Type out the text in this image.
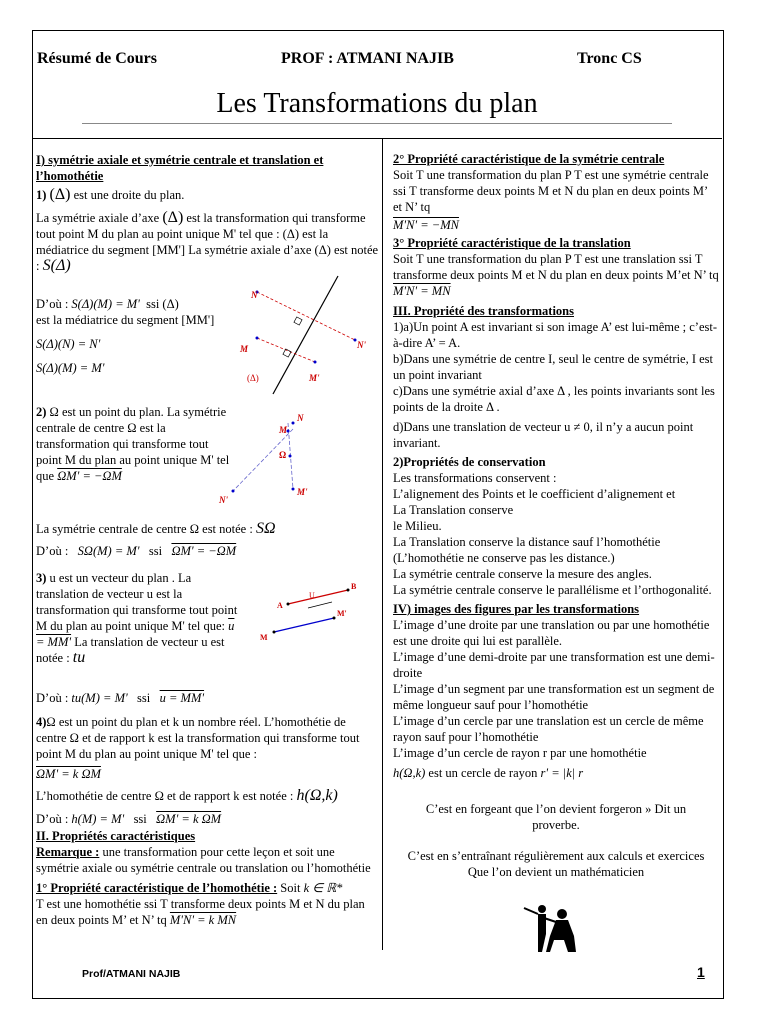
Résumé de Cours	PROF : ATMANI NAJIB	Tronc CS
Les Transformations du plan

I) symétrie axiale et symétrie centrale et translation et l’homothétie

1) (Δ) est une droite du plan.

La symétrie axiale d’axe (Δ) est la transformation qui transforme tout point M du plan au point unique M' tel que : (Δ) est la médiatrice du segment [MM'] La symétrie axiale d’axe (Δ) est notée : S(Δ)

D’où : S(Δ)(M) = M' ssi (Δ)

est la médiatrice du segment [MM']

S(Δ)(N) = N'

S(Δ)(M) = M'

2) Ω est un point du plan. La symétrie centrale de centre Ω est la transformation qui transforme tout point M du plan au point unique M' tel que ΩM' = −ΩM

La symétrie centrale de centre Ω est notée : SΩ

D’où : SΩ(M) = M' ssi ΩM' = −ΩM

3) u est un vecteur du plan . La translation de vecteur u est la transformation qui transforme tout point M du plan au point unique M' tel que: u = MM' La translation de vecteur u est notée : tu

D’où : tu(M) = M' ssi u = MM'

4)Ω est un point du plan et k un nombre réel. L’homothétie de centre Ω et de rapport k est la transformation qui transforme tout point M du plan au point unique M' tel que :

ΩM' = k ΩM

L’homothétie de centre Ω et de rapport k est notée : h(Ω,k)

D’où : h(M) = M' ssi ΩM' = k ΩM

II. Propriétés caractéristiques

Remarque : une transformation pour cette leçon et soit une symétrie axiale ou symétrie centrale ou translation ou l’homothétie

1° Propriété caractéristique de l’homothétie : Soit k ∈ ℝ*

T est une homothétie ssi T transforme deux points M et N du plan en deux points M’ et N’ tq M'N' = k MN

N
N'
M
M'
(Δ)
N
M
Ω
N'
M'
A
B
M
M'
U

2° Propriété caractéristique de la symétrie centrale

Soit T une transformation du plan P T est une symétrie centrale ssi T transforme deux points M et N du plan en deux points M’ et N’ tq

M'N' = −MN

3° Propriété caractéristique de la translation

Soit T une transformation du plan P T est une translation ssi T transforme deux points M et N du plan en deux points M’et N’ tq M'N' = MN

III. Propriété des transformations

1)a)Un point A est invariant si son image A’ est lui-même ; c’est-à-dire A’ = A.

b)Dans une symétrie de centre I, seul le centre de symétrie, I est un point invariant

c)Dans une symétrie axial d’axe Δ , les points invariants sont les points de la droite Δ .

d)Dans une translation de vecteur u ≠ 0, il n’y a aucun point invariant.

2)Propriétés de conservation

Les transformations conservent :

L’alignement des Points et le coefficient d’alignement et

La Translation conserve

le Milieu.

La Translation conserve la distance sauf l’homothétie

(L’homothétie ne conserve pas les distance.)

La symétrie centrale conserve la mesure des angles.

La symétrie centrale conserve le parallélisme et l’orthogonalité.

IV) images des figures par les transformations

L’image d’une droite par une translation ou par une homothétie est une droite qui lui est parallèle.

L’image d’une demi-droite par une transformation est une demi-droite

L’image d’un segment par une transformation est un segment de même longueur sauf pour l’homothétie

L’image d’un cercle par une translation est un cercle de même rayon sauf pour l’homothétie

L’image d’un cercle de rayon r par une homothétie

h(Ω,k) est un cercle de rayon r' = |k| r

C’est en forgeant que l’on devient forgeron » Dit un proverbe.

C’est en s’entraînant régulièrement aux calculs et exercices Que l’on devient un mathématicien

Prof/ATMANI NAJIB	1
